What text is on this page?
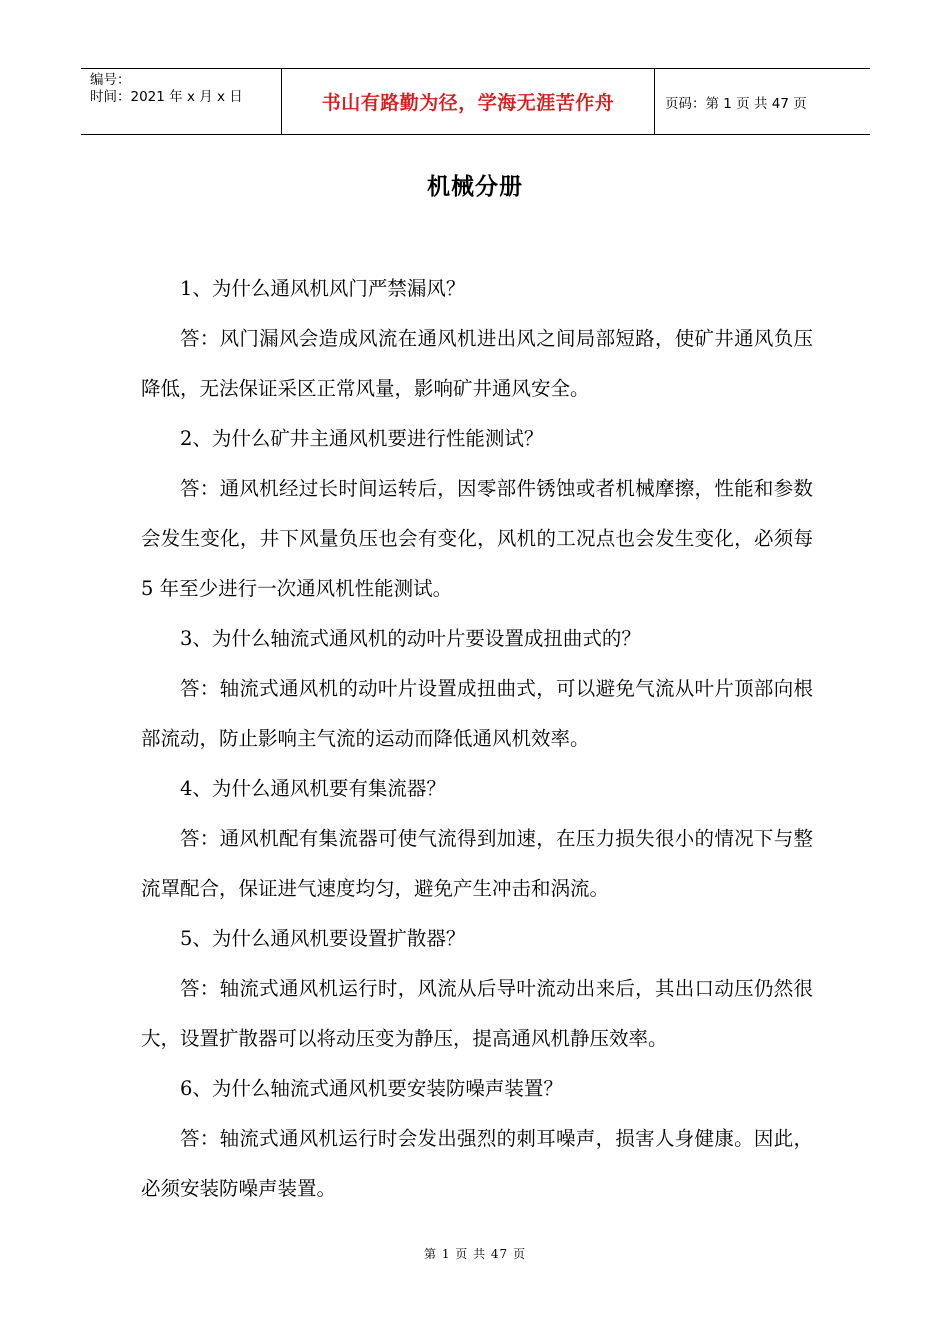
编号：
时间：2021 年 x 月 x 日	书山有路勤为径，学海无涯苦作舟	页码：第 1 页 共 47 页
机械分册

1、为什么通风机风门严禁漏风？

答：风门漏风会造成风流在通风机进出风之间局部短路，使矿井通风负压降低，无法保证采区正常风量，影响矿井通风安全。

2、为什么矿井主通风机要进行性能测试？

答：通风机经过长时间运转后，因零部件锈蚀或者机械摩擦，性能和参数会发生变化，井下风量负压也会有变化，风机的工况点也会发生变化，必须每 5 年至少进行一次通风机性能测试。

3、为什么轴流式通风机的动叶片要设置成扭曲式的？

答：轴流式通风机的动叶片设置成扭曲式，可以避免气流从叶片顶部向根部流动，防止影响主气流的运动而降低通风机效率。

4、为什么通风机要有集流器？

答：通风机配有集流器可使气流得到加速，在压力损失很小的情况下与整流罩配合，保证进气速度均匀，避免产生冲击和涡流。

5、为什么通风机要设置扩散器？

答：轴流式通风机运行时，风流从后导叶流动出来后，其出口动压仍然很大，设置扩散器可以将动压变为静压，提高通风机静压效率。

6、为什么轴流式通风机要安装防噪声装置？

答：轴流式通风机运行时会发出强烈的刺耳噪声，损害人身健康。因此，必须安装防噪声装置。

第 1 页 共 47 页
